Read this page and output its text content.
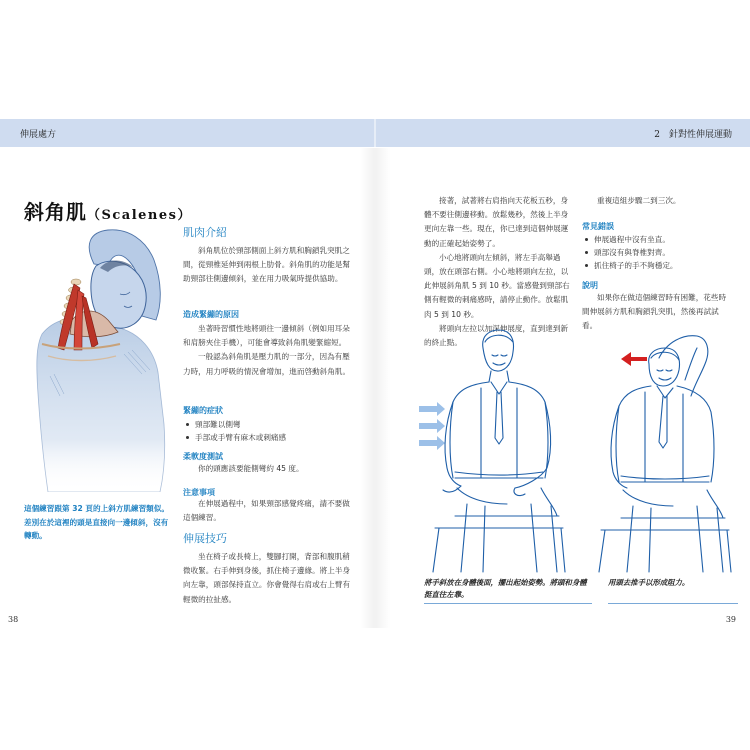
伸展處方	2　針對性伸展運動
斜角肌（Scalenes）
這個練習跟第 32 頁的上斜方肌練習類似。差別在於這裡的頭是直接向一邊傾斜，沒有轉動。
肌肉介紹

斜角肌位於頸部側面上斜方肌和胸鎖乳突肌之間，從頸椎延伸到兩根上肋骨。斜角肌的功能是幫助頸部往側邊傾斜，並在用力吸氣時提供協助。

造成緊繃的原因

坐著時習慣性地將頭往一邊傾斜（例如用耳朵和肩膀夾住手機），可能會導致斜角肌變緊縮短。

一般認為斜角肌是壓力肌的一部分，因為有壓力時，用力呼吸的情況會增加，進而啓動斜角肌。

緊繃的症狀
頸部難以側彎
手部或手臂有麻木或刺痛感
柔軟度測試

你的頭應該要能側彎約 45 度。

注意事項

在伸展過程中，如果頸部感覺疼痛，請不要做這個練習。

伸展技巧

坐在椅子或長椅上，雙腳打開，背部和腹肌稍微收緊。右手伸到身後，抓住椅子邊緣。將上半身向左靠，頭部保持直立。你會覺得右肩或右上臂有輕微的拉扯感。

38

接著，試著將右肩指向天花板五秒，身體不要往側邊移動。放鬆幾秒，然後上半身更向左靠一些。現在，你已達到這個伸展運動的正確起始姿勢了。

小心地將頭向左傾斜，將左手高舉過頭，放在頭部右側。小心地將頭向左拉，以此伸展斜角肌 5 到 10 秒。當感覺到頸部右側有輕微的刺痛感時，請停止動作。放鬆肌肉 5 到 10 秒。

將頭向左拉以加深伸展度，直到達到新的終止點。

重複這組步驟二到三次。

常見錯誤
伸展過程中沒有坐直。
頭部沒有與脊椎對齊。
抓住椅子的手不夠穩定。
說明

如果你在做這個練習時有困難，花些時間伸展斜方肌和胸鎖乳突肌，然後再試試看。

將手斜放在身體後面，擺出起始姿勢。將頭和身體挺直往左靠。
用頭去推手以形成阻力。
39
